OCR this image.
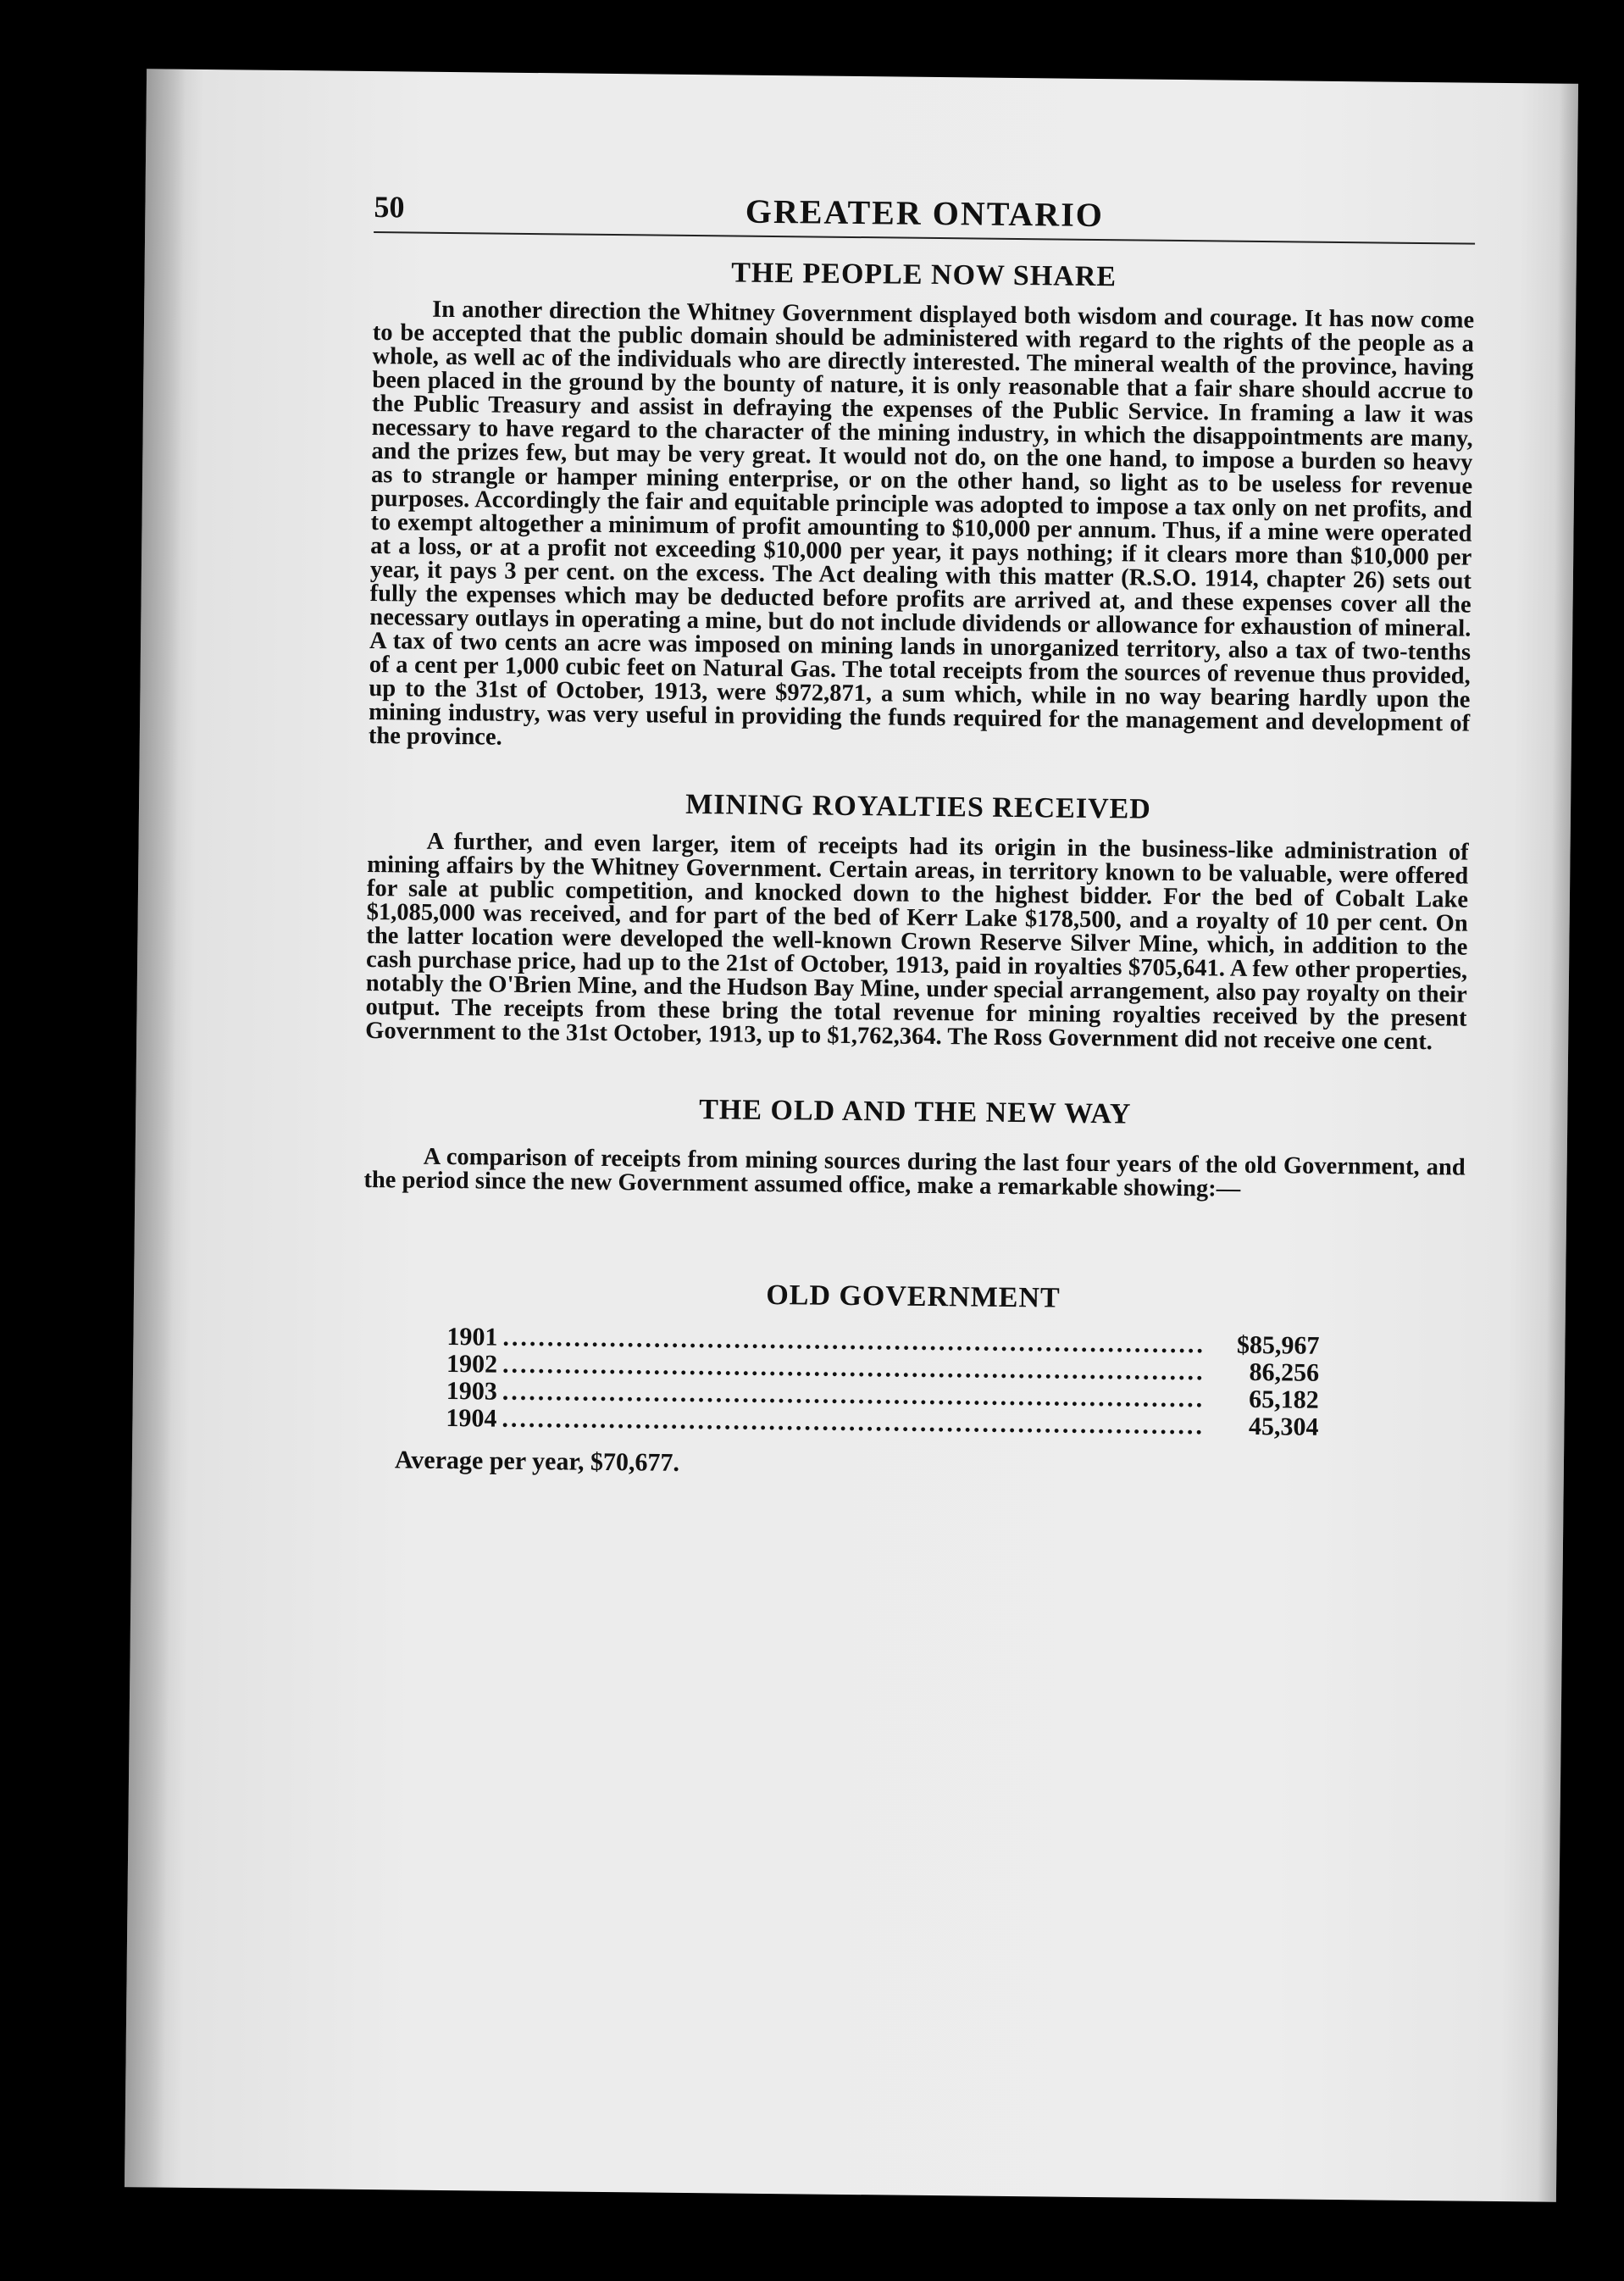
50	GREATER ONTARIO
THE PEOPLE NOW SHARE

In another direction the Whitney Government displayed both wisdom and courage. It has now come to be accepted that the public domain should be administered with regard to the rights of the people as a whole, as well ac of the individuals who are directly interested. The mineral wealth of the province, having been placed in the ground by the bounty of nature, it is only reasonable that a fair share should accrue to the Public Treasury and assist in defraying the expenses of the Public Service. In framing a law it was necessary to have regard to the character of the mining industry, in which the disappointments are many, and the prizes few, but may be very great. It would not do, on the one hand, to impose a burden so heavy as to strangle or hamper mining enterprise, or on the other hand, so light as to be useless for revenue purposes. Accordingly the fair and equitable principle was adopted to impose a tax only on net profits, and to exempt altogether a minimum of profit amounting to $10,000 per annum. Thus, if a mine were operated at a loss, or at a profit not exceeding $10,000 per year, it pays nothing; if it clears more than $10,000 per year, it pays 3 per cent. on the excess. The Act dealing with this matter (R.S.O. 1914, chapter 26) sets out fully the expenses which may be deducted before profits are arrived at, and these expenses cover all the necessary outlays in operating a mine, but do not include dividends or allowance for exhaustion of mineral. A tax of two cents an acre was imposed on mining lands in unorganized territory, also a tax of two-tenths of a cent per 1,000 cubic feet on Natural Gas. The total receipts from the sources of revenue thus provided, up to the 31st of October, 1913, were $972,871, a sum which, while in no way bearing hardly upon the mining industry, was very useful in providing the funds required for the management and development of the province.

MINING ROYALTIES RECEIVED

A further, and even larger, item of receipts had its origin in the business-like administration of mining affairs by the Whitney Government. Certain areas, in territory known to be valuable, were offered for sale at public competition, and knocked down to the highest bidder. For the bed of Cobalt Lake $1,085,000 was received, and for part of the bed of Kerr Lake $178,500, and a royalty of 10 per cent. On the latter location were developed the well-known Crown Reserve Silver Mine, which, in addition to the cash purchase price, had up to the 21st of October, 1913, paid in royalties $705,641. A few other properties, notably the O'Brien Mine, and the Hudson Bay Mine, under special arrangement, also pay royalty on their output. The receipts from these bring the total revenue for mining royalties received by the present Government to the 31st October, 1913, up to $1,762,364. The Ross Government did not receive one cent.

THE OLD AND THE NEW WAY

A comparison of receipts from mining sources during the last four years of the old Government, and the period since the new Government assumed office, make a remarkable showing:—

OLD GOVERNMENT
1901 .....	$85,967
1902 .....	86,256
1903 .....	65,182
1904 .....	45,304
Average per year, $70,677.
